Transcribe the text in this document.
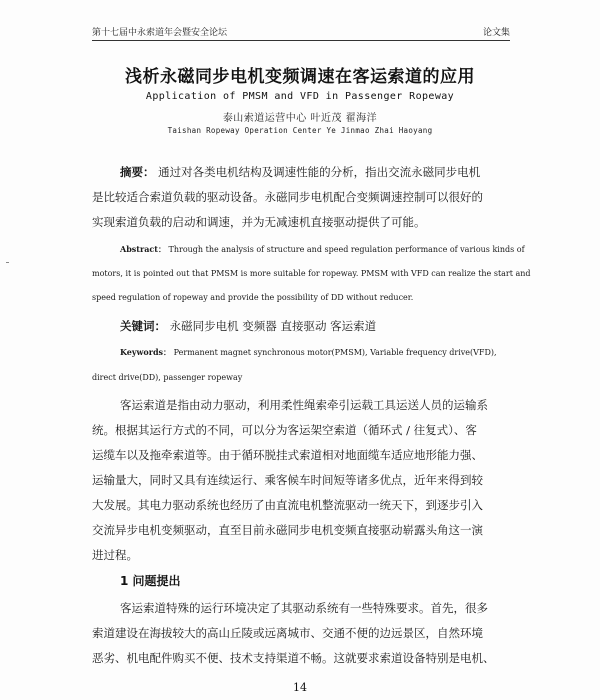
第十七届中永索道年会暨安全论坛	论文集
浅析永磁同步电机变频调速在客运索道的应用
Application of PMSM and VFD in Passenger Ropeway
泰山索道运营中心 叶近茂 翟海洋
Taishan Ropeway Operation Center Ye Jinmao Zhai Haoyang
摘要： 通过对各类电机结构及调速性能的分析，指出交流永磁同步电机
是比较适合索道负载的驱动设备。永磁同步电机配合变频调速控制可以很好的
实现索道负载的启动和调速，并为无减速机直接驱动提供了可能。
Abstract： Through the analysis of structure and speed regulation performance of various kinds of
motors, it is pointed out that PMSM is more suitable for ropeway. PMSM with VFD can realize the start and
speed regulation of ropeway and provide the possibility of DD without reducer.
关键词： 永磁同步电机 变频器 直接驱动 客运索道
Keywords： Permanent magnet synchronous motor(PMSM), Variable frequency drive(VFD),
direct drive(DD), passenger ropeway
客运索道是指由动力驱动，利用柔性绳索牵引运载工具运送人员的运输系
统。根据其运行方式的不同，可以分为客运架空索道（循环式 / 往复式）、客
运缆车以及拖牵索道等。由于循环脱挂式索道相对地面缆车适应地形能力强、
运输量大，同时又具有连续运行、乘客候车时间短等诸多优点，近年来得到较
大发展。其电力驱动系统也经历了由直流电机整流驱动一统天下，到逐步引入
交流异步电机变频驱动，直至目前永磁同步电机变频直接驱动崭露头角这一演
进过程。
1 问题提出
客运索道特殊的运行环境决定了其驱动系统有一些特殊要求。首先，很多
索道建设在海拔较大的高山丘陵或远离城市、交通不便的边远景区，自然环境
恶劣、机电配件购买不便、技术支持渠道不畅。这就要求索道设备特别是电机、
14
